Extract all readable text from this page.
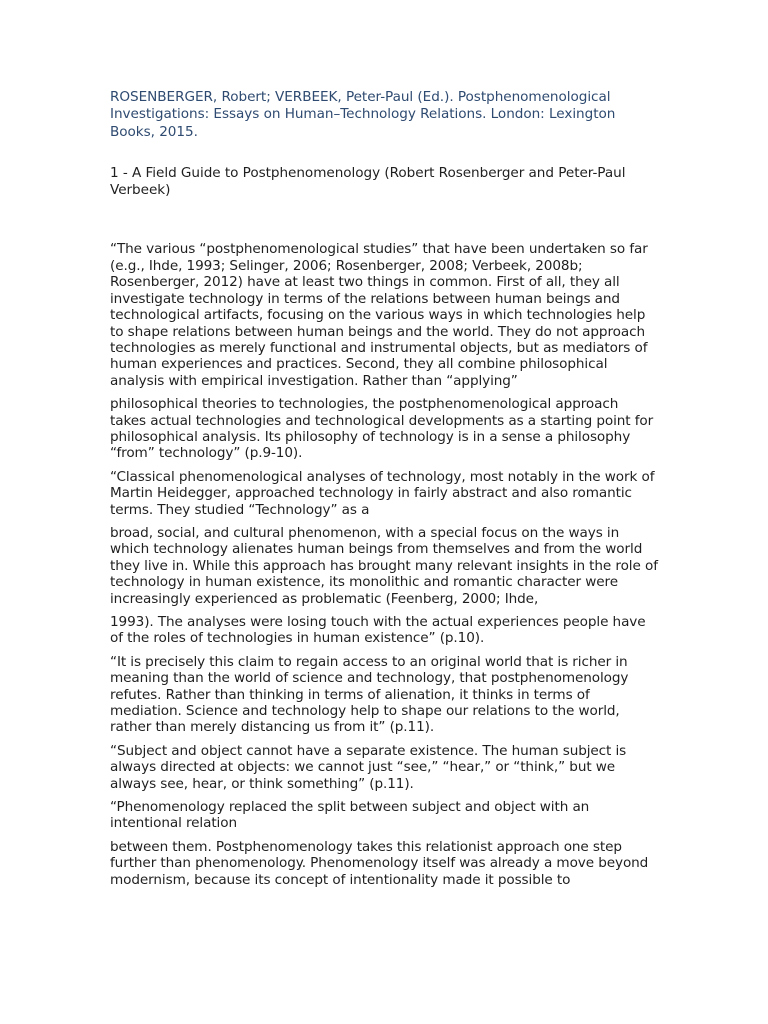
ROSENBERGER, Robert; VERBEEK, Peter-Paul (Ed.). Postphenomenological Investigations: Essays on Human–Technology Relations. London: Lexington Books, 2015.

1 - A Field Guide to Postphenomenology (Robert Rosenberger and Peter-Paul Verbeek)

“The various “postphenomenological studies” that have been undertaken so far (e.g., Ihde, 1993; Selinger, 2006; Rosenberger, 2008; Verbeek, 2008b; Rosenberger, 2012) have at least two things in common. First of all, they all investigate technology in terms of the relations between human beings and technological artifacts, focusing on the various ways in which technologies help to shape relations between human beings and the world. They do not approach technologies as merely functional and instrumental objects, but as mediators of human experiences and practices. Second, they all combine philosophical analysis with empirical investigation. Rather than “applying”

philosophical theories to technologies, the postphenomenological approach takes actual technologies and technological developments as a starting point for philosophical analysis. Its philosophy of technology is in a sense a philosophy “from” technology” (p.9-10).

“Classical phenomenological analyses of technology, most notably in the work of Martin Heidegger, approached technology in fairly abstract and also romantic terms. They studied “Technology” as a

broad, social, and cultural phenomenon, with a special focus on the ways in which technology alienates human beings from themselves and from the world they live in. While this approach has brought many relevant insights in the role of technology in human existence, its monolithic and romantic character were increasingly experienced as problematic (Feenberg, 2000; Ihde,

1993). The analyses were losing touch with the actual experiences people have of the roles of technologies in human existence” (p.10).

“It is precisely this claim to regain access to an original world that is richer in meaning than the world of science and technology, that postphenomenology refutes. Rather than thinking in terms of alienation, it thinks in terms of mediation. Science and technology help to shape our relations to the world, rather than merely distancing us from it” (p.11).

“Subject and object cannot have a separate existence. The human subject is always directed at objects: we cannot just “see,” “hear,” or “think,” but we always see, hear, or think something” (p.11).

“Phenomenology replaced the split between subject and object with an intentional relation

between them. Postphenomenology takes this relationist approach one step further than phenomenology. Phenomenology itself was already a move beyond modernism, because its concept of intentionality made it possible to
